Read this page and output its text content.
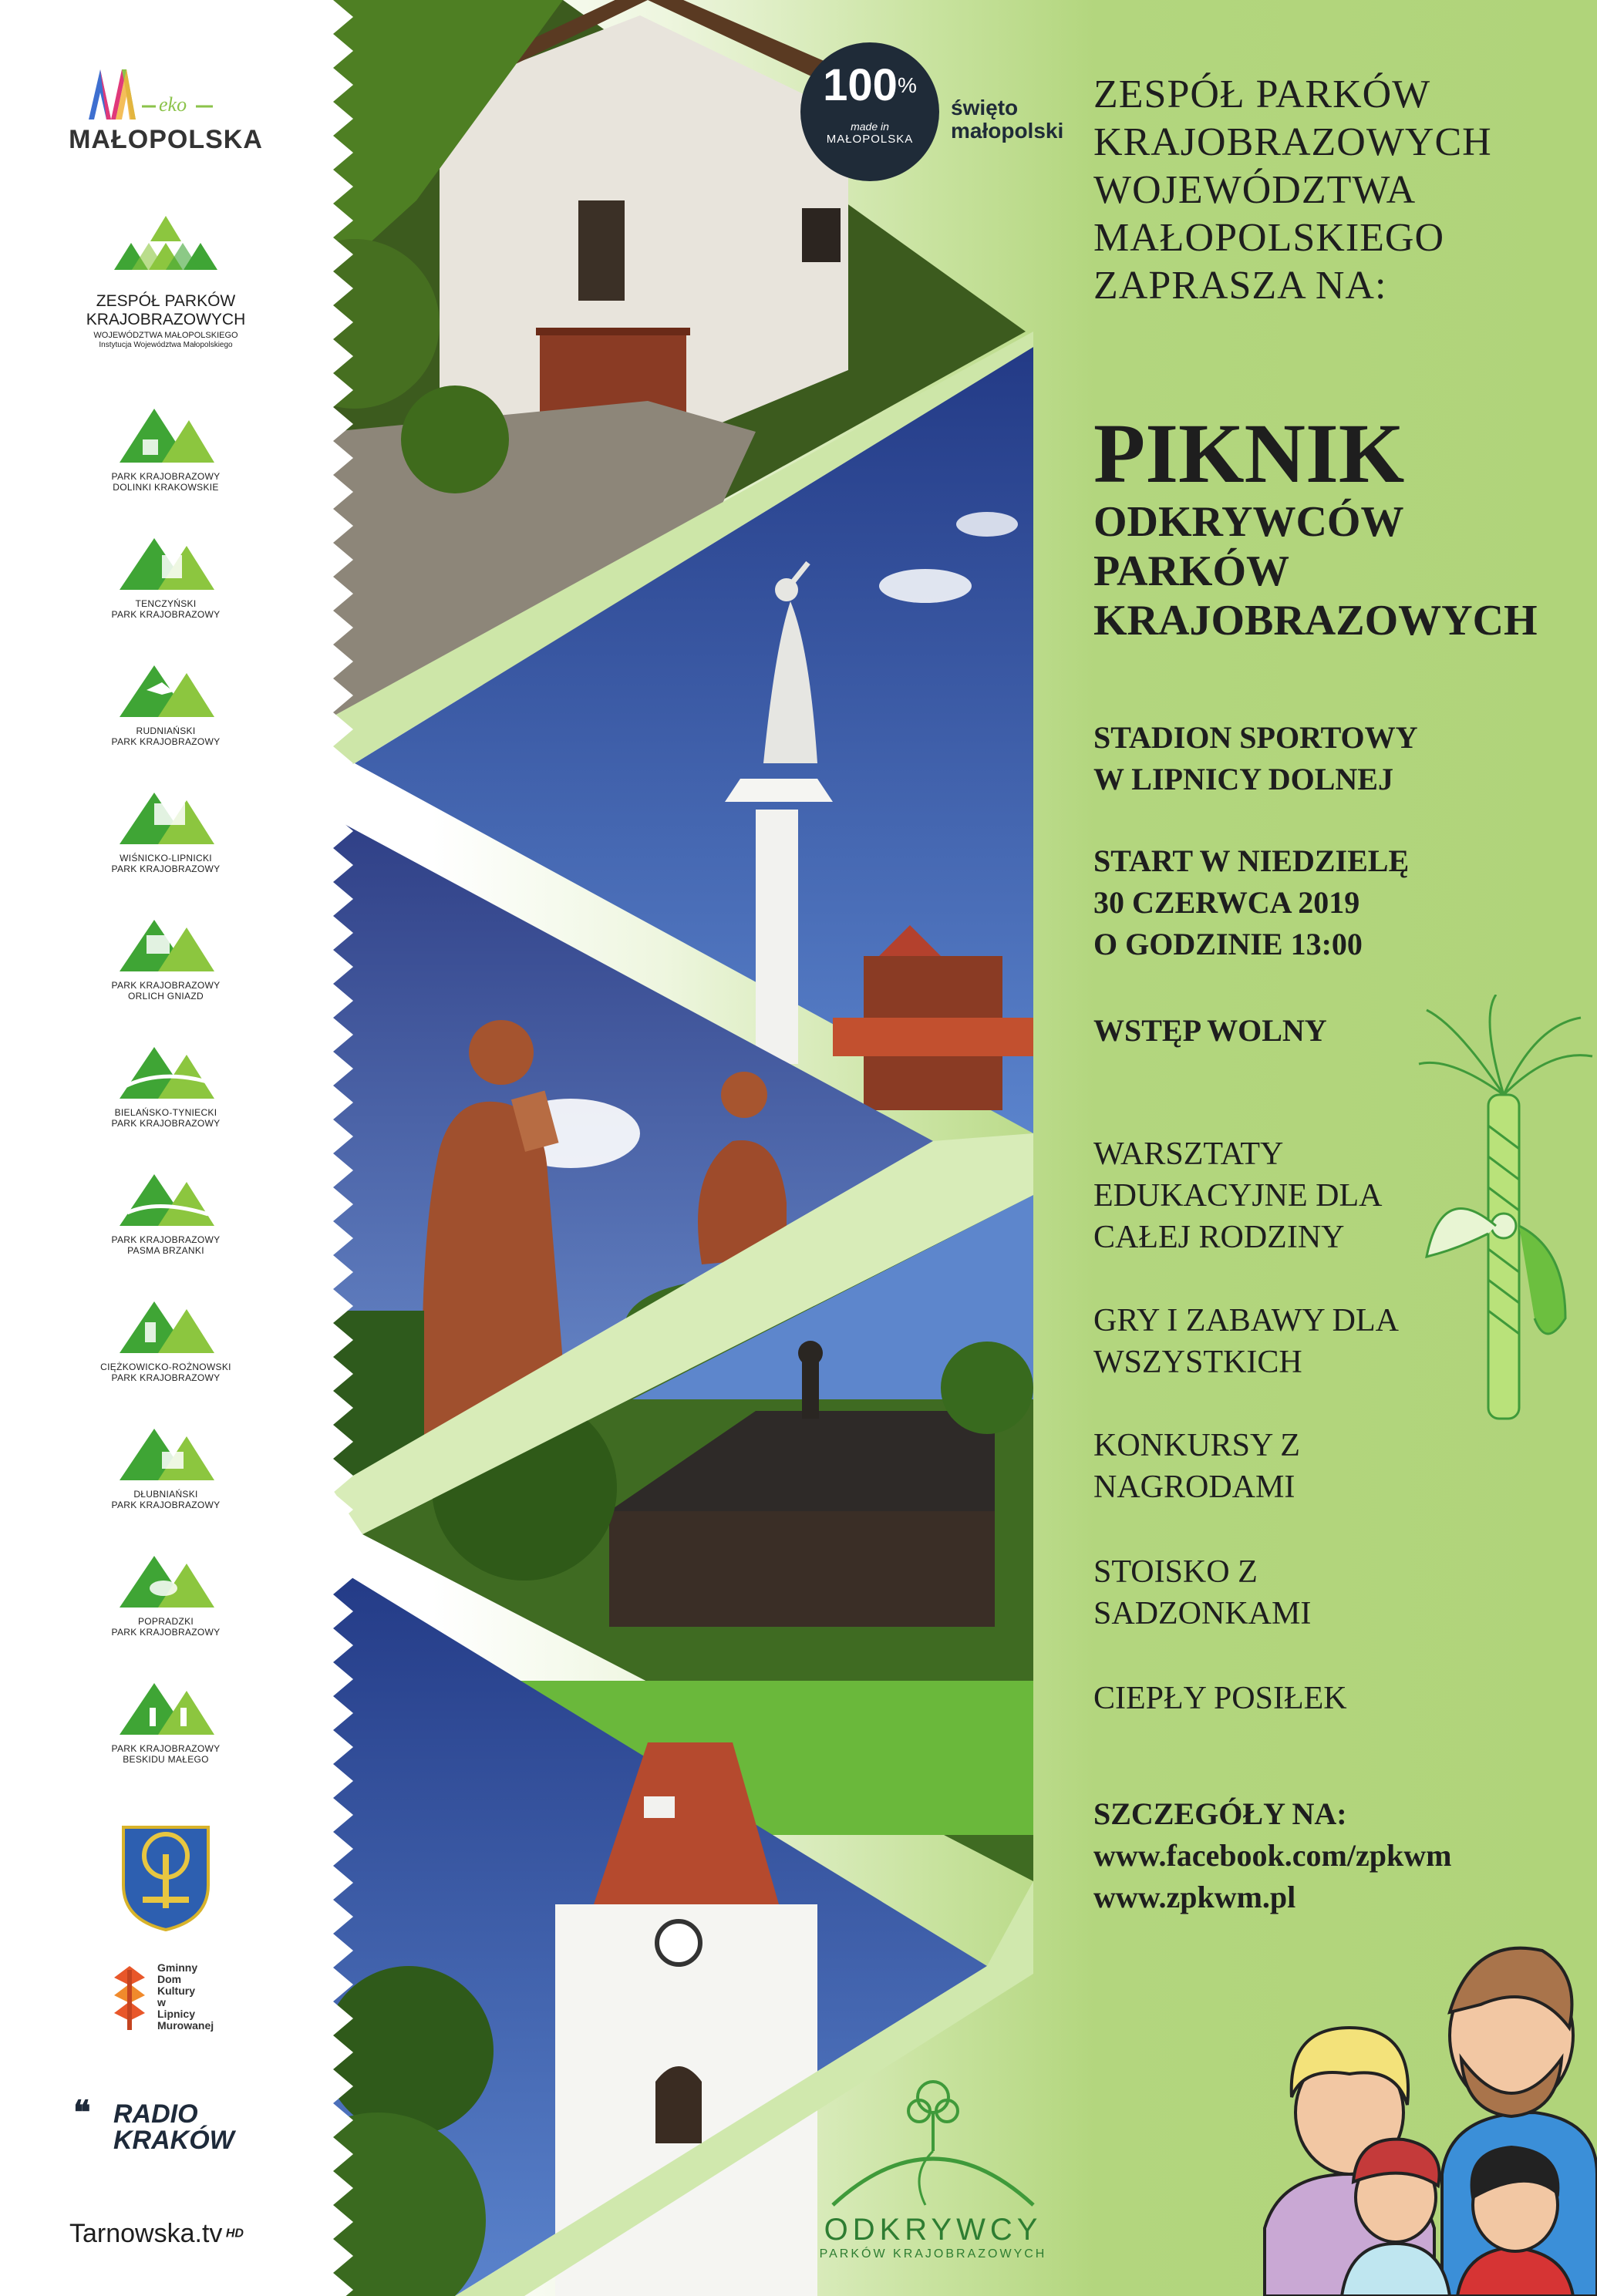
eko
MAŁOPOLSKA
ZESPÓŁ PARKÓW
KRAJOBRAZOWYCH
WOJEWÓDZTWA MAŁOPOLSKIEGO
Instytucja Województwa Małopolskiego
PARK KRAJOBRAZOWY
DOLINKI KRAKOWSKIE
TENCZYŃSKI
PARK KRAJOBRAZOWY
RUDNIAŃSKI
PARK KRAJOBRAZOWY
WIŚNICKO-LIPNICKI
PARK KRAJOBRAZOWY
PARK KRAJOBRAZOWY
ORLICH GNIAZD
BIELAŃSKO-TYNIECKI
PARK KRAJOBRAZOWY
PARK KRAJOBRAZOWY
PASMA BRZANKI
CIĘŻKOWICKO-ROŻNOWSKI
PARK KRAJOBRAZOWY
DŁUBNIAŃSKI
PARK KRAJOBRAZOWY
POPRADZKI
PARK KRAJOBRAZOWY
PARK KRAJOBRAZOWY
BESKIDU MAŁEGO
Gminny
Dom
Kultury
w
Lipnicy
Murowanej
❝ RADIO
KRAKÓW
Tarnowska.tv $^{HD}$
100%
made in
MAŁOPOLSKA
święto
małopolski

ZESPÓŁ PARKÓW
KRAJOBRAZOWYCH
WOJEWÓDZTWA
MAŁOPOLSKIEGO
ZAPRASZA NA:

PIKNIK

ODKRYWCÓW
PARKÓW
KRAJOBRAZOWYCH

STADION SPORTOWY
W LIPNICY DOLNEJ

START W NIEDZIELĘ
30 CZERWCA 2019
O GODZINIE 13:00

WSTĘP WOLNY

WARSZTATY
EDUKACYJNE DLA
CAŁEJ RODZINY

GRY I ZABAWY DLA
WSZYSTKICH

KONKURSY Z
NAGRODAMI

STOISKO Z
SADZONKAMI

CIEPŁY POSIŁEK

SZCZEGÓŁY NA:

www.facebook.com/zpkwm

www.zpkwm.pl

ODKRYWCY
PARKÓW KRAJOBRAZOWYCH
